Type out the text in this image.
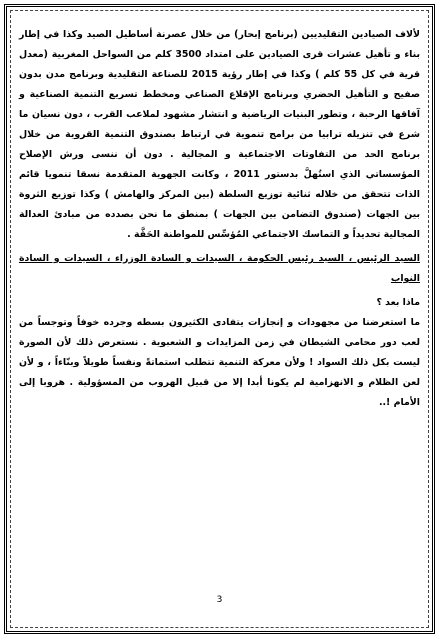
لألاف الصيادين التقليديين (برنامج إبحار) من خلال عصرنة أساطيل الصيد وكذا في إطار بناء و تأهيل عشرات قرى الصيادين على امتداد 3500 كلم من السواحل المغربية (معدل قرية في كل 55 كلم ) وكذا في إطار رؤية 2015 للصناعة التقليدية وبرنامج مدن بدون صفيح و التأهيل الحضري وبرنامج الإقلاع الصناعي ومخطط تسريع التنمية الصناعية و آفاقها الرحبة ، وتطور البنيات الرياضية و انتشار مشهود لملاعب القرب ، دون نسيان ما شرع في تنزيله ترابيا من برامج تنموية في ارتباط بصندوق التنمية القروية من خلال برنامج الحد من التفاوتات الاجتماعية و المجالية . دون أن ننسى ورش الإصلاح المؤسساتي الذي استُهلَّ بدستور 2011 ، وكانت الجهوية المتقدمة نسقا تنمويا قائم الذات تتحقق من خلاله ثنائية توزيع السلطة (بين المركز والهامش ) وكذا توزيع الثروة بين الجهات (صندوق التضامن بين الجهات ) بمنطق ما نحن بصدده من مبادئ العدالة المجالية تحديداً و التماسك الاجتماعي المُؤسِّس للمواطنة الحَقَّة .

السيد الرئيس ، السيد رئيس الحكومة ، السيدات و السادة الوزراء ، السيدات و السادة النواب

ماذا بعد ؟

ما استعرضنا من مجهودات و إنجازات يتفادى الكثيرون بسطه وجرده خوفاً وتوجساً من لعب دور محامي الشيطان في زمن المزايدات و الشعبوية . نستعرض ذلك لأن الصورة ليست بكل ذلك السواد ! ولأن معركة التنمية تتطلب استماتةً ونفساً طويلاً وبنّاءاً ، و لأن لعن الظلام و الانهزامية لم يكونا أبدا إلا من قبيل الهروب من المسؤولية . هروبا إلى الأمام !..

3
